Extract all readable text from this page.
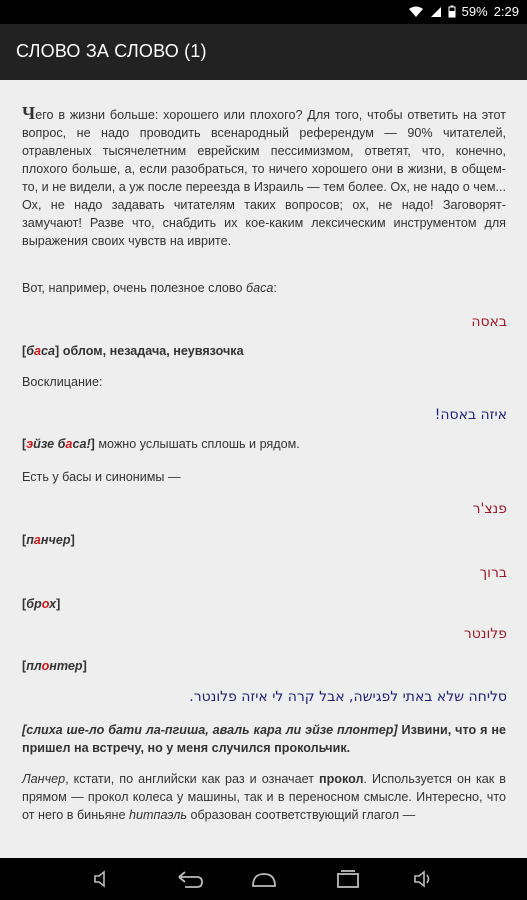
59% 2:29
СЛОВО ЗА СЛОВО (1)
Чего в жизни больше: хорошего или плохого? Для того, чтобы ответить на этот вопрос, не надо проводить всенародный референдум — 90% читателей, отравленых тысячелетним еврейским пессимизмом, ответят, что, конечно, плохого больше, а, если разобраться, то ничего хорошего они в жизни, в общем-то, и не видели, а уж после переезда в Израиль — тем более. Ох, не надо о чем... Ох, не надо задавать читателям таких вопросов; ох, не надо! Заговорят-замучают! Разве что, снабдить их кое-каким лексическим инструментом для выражения своих чувств на иврите.
Вот, например, очень полезное слово баса:
באסה
[баса] облом, незадача, неувязочка
Восклицание:
איזה באסה!
[эйзе баса!] можно услышать сплошь и рядом.
Есть у басы и синонимы —
פנצ'ר
[панчер]
ברוך
[брох]
פלונטר
[плонтер]
סליחה שלא באתי לפגישה, אבל קרה לי איזה פלונטר.
[слиха ше-ло бати ла-пгиша, аваль кара ли эйзе плонтер] Извини, что я не пришел на встречу, но у меня случился прокольчик.
Ланчер, кстати, по английски как раз и означает прокол. Используется он как в прямом — прокол колеса у машины, так и в переносном смысле. Интересно, что от него в биньяне hитпаэль образован соответствующий глагол —
